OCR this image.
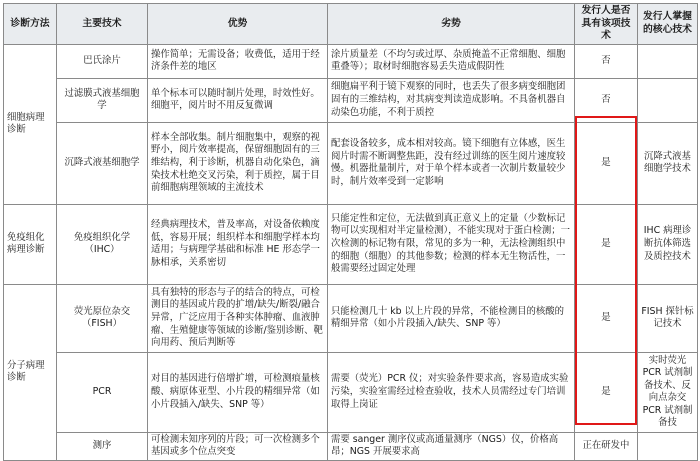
诊断方法	主要技术	优势	劣势	发行人是否具有该项技术	发行人掌握的核心技术
细胞病理诊断	巴氏涂片	操作简单；无需设备；收费低，适用于经济条件差的地区	涂片质量差（不均匀或过厚、杂质掩盖不正常细胞、细胞重叠等）；取材时细胞容易丢失造成假阴性	否	
	过滤膜式液基细胞学	单个标本可以随时制片处理，时效性好。细胞平，阅片时不用反复微调	细胞扁平利于镜下观察的同时，也丢失了很多病变细胞团固有的三维结构，对其病变判读造成影响。不具备机器自动染色功能，不利于质控	否	
	沉降式液基细胞学	样本全部收集。制片细胞集中，观察的视野小，阅片效率提高，保留细胞固有的三维结构，利于诊断，机器自动化染色，滴染技术杜绝交叉污染，利于质控，属于目前细胞病理领域的主流技术	配套设备较多，成本相对较高。镜下细胞有立体感，医生阅片时需不断调整焦距，没有经过训练的医生阅片速度较慢。机器批量制片，对于单个样本或者一次制片数量较少时，制片效率受到一定影响	是	沉降式液基细胞学技术
免疫组化病理诊断	免疫组织化学（IHC）	经典病理技术，普及率高，对设备依赖度低，容易开展；组织样本和细胞学样本均适用；与病理学基础和标准 HE 形态学一脉相承，关系密切	只能定性和定位，无法做到真正意义上的定量（少数标记物可以实现相对半定量检测），不能实现对于蛋白检测；一次检测的标记物有限，常见的多为一种，无法检测组织中的细胞（细胞）的其他参数；检测的样本无生物活性，一般需要经过固定处理	是	IHC 病理诊断抗体筛选及质控技术
分子病理诊断	荧光原位杂交（FISH）	具有独特的形态与子的结合的特点，可检测目的基因或片段的扩增/缺失/断裂/融合异常，广泛应用于各种实体肿瘤、血液肿瘤、生殖健康等领域的诊断/鉴别诊断、靶向用药、预后判断等	只能检测几十 kb 以上片段的异常，不能检测目的核酸的精细异常（如小片段插入/缺失、SNP 等）	是	FISH 探针标记技术
	PCR	对目的基因进行倍增扩增，可检测痕量核酸、病原体亚型、小片段的精细异常（如小片段插入/缺失、SNP 等）	需要（荧光）PCR 仪；对实验条件要求高，容易造成实验污染，实验室需经过检查验收，技术人员需经过专门培训取得上岗证	是	实时荧光 PCR 试剂制备技术、反向点杂交 PCR 试剂制备技
	测序	可检测未知序列的片段；可一次检测多个基因或多个位点突变	需要 sanger 测序仪或高通量测序（NGS）仪，价格高昂；NGS 开展要求高	正在研发中	
